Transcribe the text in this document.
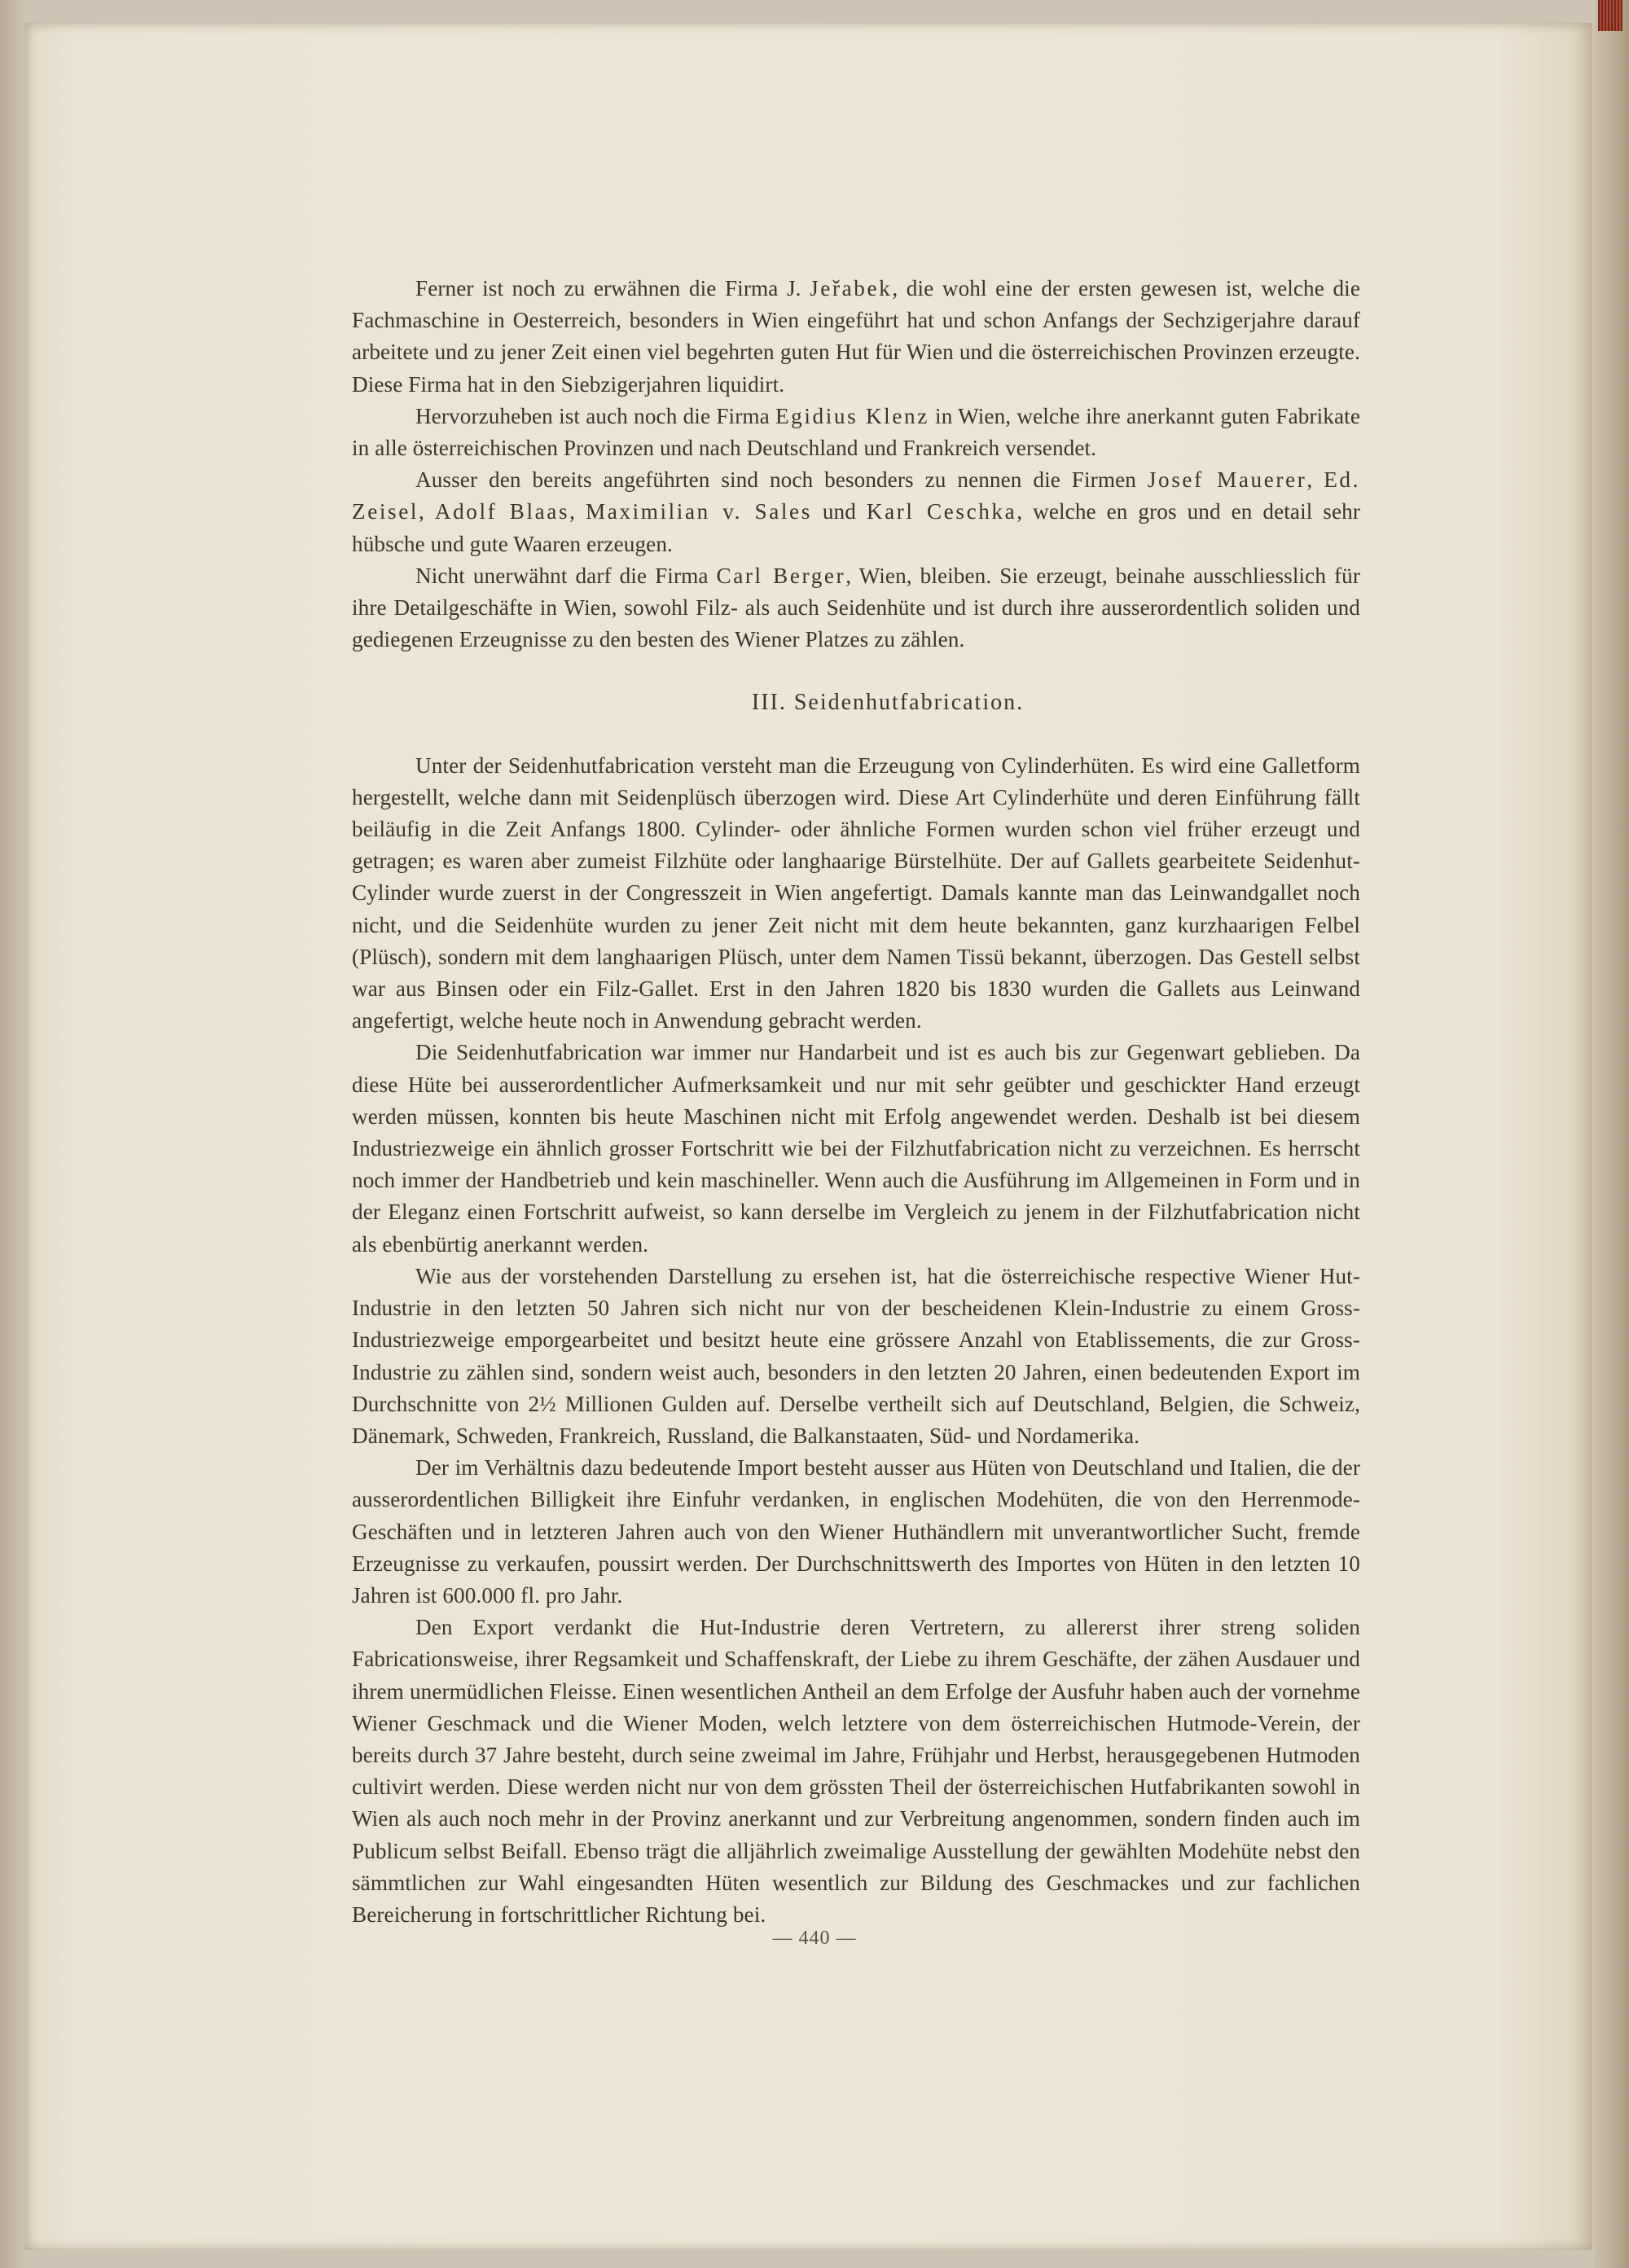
Ferner ist noch zu erwähnen die Firma J. Jeřabek, die wohl eine der ersten gewesen ist, welche die Fachmaschine in Oesterreich, besonders in Wien eingeführt hat und schon Anfangs der Sechzigerjahre darauf arbeitete und zu jener Zeit einen viel begehrten guten Hut für Wien und die österreichischen Provinzen erzeugte. Diese Firma hat in den Siebzigerjahren liquidirt.

Hervorzuheben ist auch noch die Firma Egidius Klenz in Wien, welche ihre anerkannt guten Fabrikate in alle österreichischen Provinzen und nach Deutschland und Frankreich versendet.

Ausser den bereits angeführten sind noch besonders zu nennen die Firmen Josef Mauerer, Ed. Zeisel, Adolf Blaas, Maximilian v. Sales und Karl Ceschka, welche en gros und en detail sehr hübsche und gute Waaren erzeugen.

Nicht unerwähnt darf die Firma Carl Berger, Wien, bleiben. Sie erzeugt, beinahe ausschliesslich für ihre Detailgeschäfte in Wien, sowohl Filz- als auch Seidenhüte und ist durch ihre ausserordentlich soliden und gediegenen Erzeugnisse zu den besten des Wiener Platzes zu zählen.

III. Seidenhutfabrication.

Unter der Seidenhutfabrication versteht man die Erzeugung von Cylinderhüten. Es wird eine Galletform hergestellt, welche dann mit Seidenplüsch überzogen wird. Diese Art Cylinderhüte und deren Einführung fällt beiläufig in die Zeit Anfangs 1800. Cylinder- oder ähnliche Formen wurden schon viel früher erzeugt und getragen; es waren aber zumeist Filzhüte oder langhaarige Bürstelhüte. Der auf Gallets gearbeitete Seidenhut-Cylinder wurde zuerst in der Congresszeit in Wien angefertigt. Damals kannte man das Leinwandgallet noch nicht, und die Seidenhüte wurden zu jener Zeit nicht mit dem heute bekannten, ganz kurzhaarigen Felbel (Plüsch), sondern mit dem langhaarigen Plüsch, unter dem Namen Tissü bekannt, überzogen. Das Gestell selbst war aus Binsen oder ein Filz-Gallet. Erst in den Jahren 1820 bis 1830 wurden die Gallets aus Leinwand angefertigt, welche heute noch in Anwendung gebracht werden.

Die Seidenhutfabrication war immer nur Handarbeit und ist es auch bis zur Gegenwart geblieben. Da diese Hüte bei ausserordentlicher Aufmerksamkeit und nur mit sehr geübter und geschickter Hand erzeugt werden müssen, konnten bis heute Maschinen nicht mit Erfolg angewendet werden. Deshalb ist bei diesem Industriezweige ein ähnlich grosser Fortschritt wie bei der Filzhutfabrication nicht zu verzeichnen. Es herrscht noch immer der Handbetrieb und kein maschineller. Wenn auch die Ausführung im Allgemeinen in Form und in der Eleganz einen Fortschritt aufweist, so kann derselbe im Vergleich zu jenem in der Filzhutfabrication nicht als ebenbürtig anerkannt werden.

Wie aus der vorstehenden Darstellung zu ersehen ist, hat die österreichische respective Wiener Hut-Industrie in den letzten 50 Jahren sich nicht nur von der bescheidenen Klein-Industrie zu einem Gross-Industriezweige emporgearbeitet und besitzt heute eine grössere Anzahl von Etablissements, die zur Gross-Industrie zu zählen sind, sondern weist auch, besonders in den letzten 20 Jahren, einen bedeutenden Export im Durchschnitte von 2½ Millionen Gulden auf. Derselbe vertheilt sich auf Deutschland, Belgien, die Schweiz, Dänemark, Schweden, Frankreich, Russland, die Balkanstaaten, Süd- und Nordamerika.

Der im Verhältnis dazu bedeutende Import besteht ausser aus Hüten von Deutschland und Italien, die der ausserordentlichen Billigkeit ihre Einfuhr verdanken, in englischen Modehüten, die von den Herrenmode-Geschäften und in letzteren Jahren auch von den Wiener Huthändlern mit unverantwortlicher Sucht, fremde Erzeugnisse zu verkaufen, poussirt werden. Der Durchschnittswerth des Importes von Hüten in den letzten 10 Jahren ist 600.000 fl. pro Jahr.

Den Export verdankt die Hut-Industrie deren Vertretern, zu allererst ihrer streng soliden Fabricationsweise, ihrer Regsamkeit und Schaffenskraft, der Liebe zu ihrem Geschäfte, der zähen Ausdauer und ihrem unermüdlichen Fleisse. Einen wesentlichen Antheil an dem Erfolge der Ausfuhr haben auch der vornehme Wiener Geschmack und die Wiener Moden, welch letztere von dem österreichischen Hutmode-Verein, der bereits durch 37 Jahre besteht, durch seine zweimal im Jahre, Frühjahr und Herbst, herausgegebenen Hutmoden cultivirt werden. Diese werden nicht nur von dem grössten Theil der österreichischen Hutfabrikanten sowohl in Wien als auch noch mehr in der Provinz anerkannt und zur Verbreitung angenommen, sondern finden auch im Publicum selbst Beifall. Ebenso trägt die alljährlich zweimalige Ausstellung der gewählten Modehüte nebst den sämmtlichen zur Wahl eingesandten Hüten wesentlich zur Bildung des Geschmackes und zur fachlichen Bereicherung in fortschrittlicher Richtung bei.

— 440 —
